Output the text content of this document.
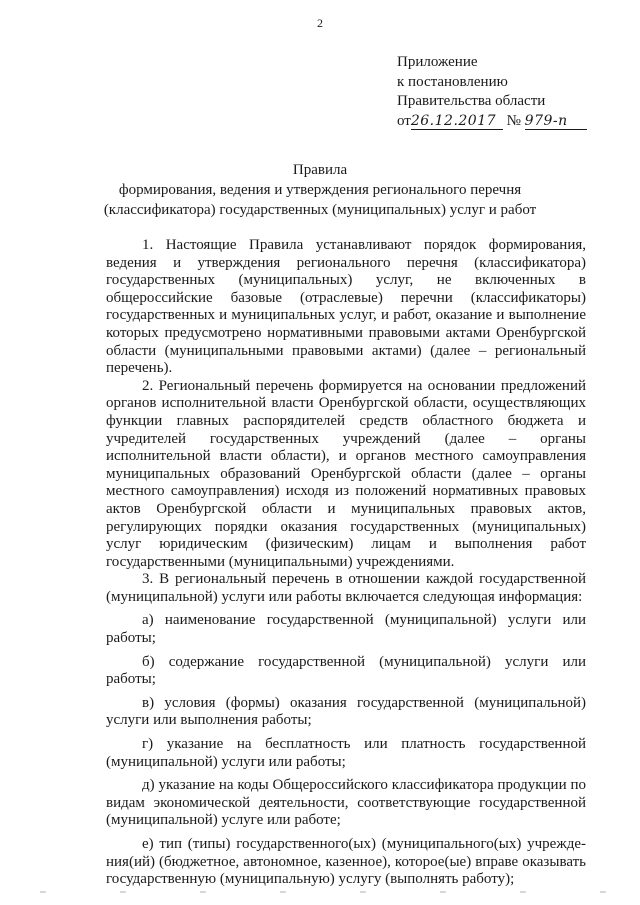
2
Приложение
к постановлению
Правительства области
от26.12.2017 № 979-п
Правила
формирования, ведения и утверждения регионального перечня
(классификатора) государственных (муниципальных) услуг и работ

1. Настоящие Правила устанавливают порядок формирования, ведения и утверждения регионального перечня (классификатора) государственных (муниципальных) услуг, не включенных в общероссийские базовые (отраслевые) перечни (классификаторы) государственных и муниципальных услуг, и работ, оказание и выполнение которых предусмотрено нормативными правовыми актами Оренбургской области (муниципальными правовыми актами) (далее – региональный перечень).

2. Региональный перечень формируется на основании предложений органов исполнительной власти Оренбургской области, осуществляющих функции главных распорядителей средств областного бюджета и учредителей государственных учреждений (далее – органы исполнительной власти области), и органов местного самоуправления муниципальных образований Оренбургской области (далее – органы местного самоуправления) исходя из положений нормативных правовых актов Оренбургской области и муниципальных правовых актов, регулирующих порядки оказания государственных (муниципальных) услуг юридическим (физическим) лицам и выполнения работ государственными (муниципальными) учреждениями.

3. В региональный перечень в отношении каждой государственной (муниципальной) услуги или работы включается следующая информация:

а) наименование государственной (муниципальной) услуги или работы;

б) содержание государственной (муниципальной) услуги или работы;

в) условия (формы) оказания государственной (муниципальной) услуги или выполнения работы;

г) указание на бесплатность или платность государственной (муниципальной) услуги или работы;

д) указание на коды Общероссийского классификатора продукции по видам экономической деятельности, соответствующие государственной (муниципальной) услуге или работе;

е) тип (типы) государственного(ых) (муниципального(ых) учреждения(ий) (бюджетное, автономное, казенное), которое(ые) вправе оказывать государственную (муниципальную) услугу (выполнять работу);
